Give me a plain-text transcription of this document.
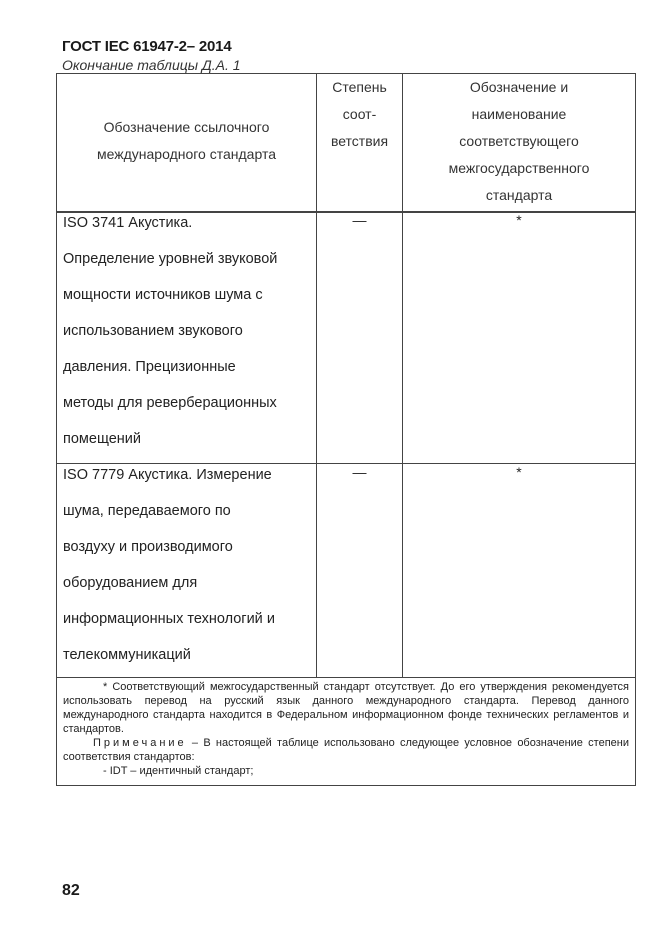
ГОСТ IEC 61947-2– 2014
Окончание таблицы Д.А. 1
Обозначение ссылочного
международного стандарта
Степень
соот-
ветствия
Обозначение и
наименование
соответствующего
межгосударственного
стандарта
ISO 3741 Акустика.
Определение уровней звуковой
мощности источников шума с
использованием звукового
давления. Прецизионные
методы для реверберационных
помещений
—	*
ISO 7779 Акустика. Измерение
шума, передаваемого по
воздуху и производимого
оборудованием для
информационных технологий и
телекоммуникаций
—	*

* Соответствующий межгосударственный стандарт отсутствует. До его утверждения рекомендуется использовать перевод на русский язык данного международного стандарта. Перевод данного международного стандарта находится в Федеральном информационном фонде технических регламентов и стандартов.

Примечание – В настоящей таблице использовано следующее условное обозначение степени соответствия стандартов:

- IDT – идентичный стандарт;

82
